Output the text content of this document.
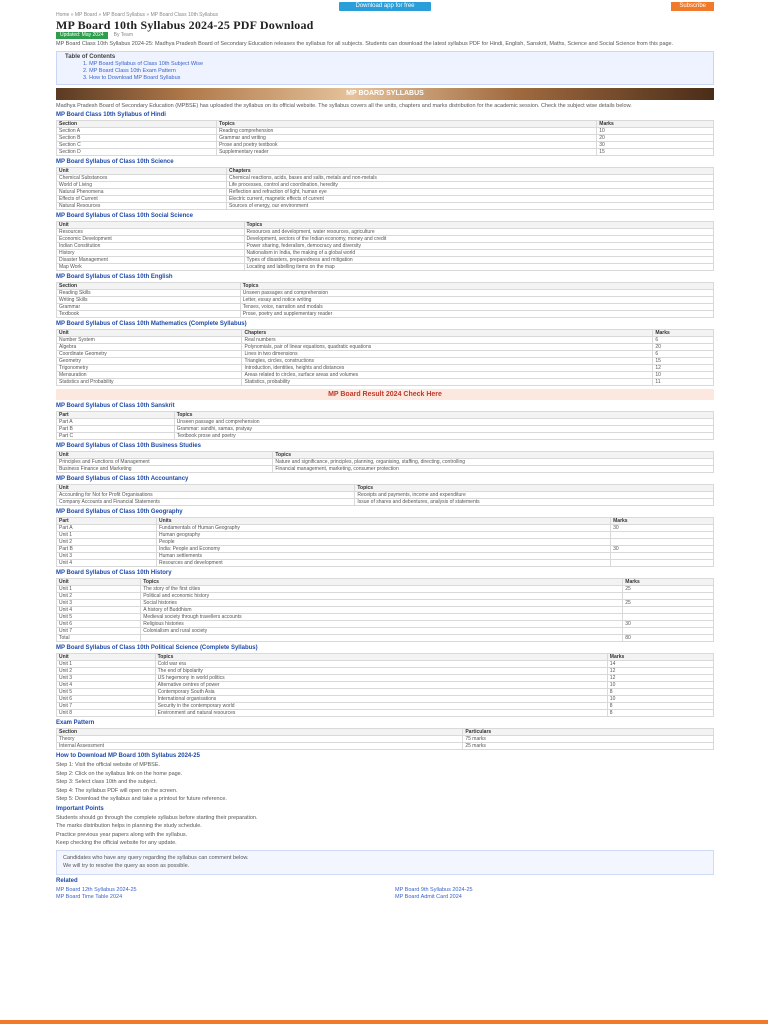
Download app for free	Subscribe
Home » MP Board » MP Board Syllabus » MP Board Class 10th Syllabus
MP Board 10th Syllabus 2024-25 PDF Download
Updated: May 2024	By Team

MP Board Class 10th Syllabus 2024-25: Madhya Pradesh Board of Secondary Education releases the syllabus for all subjects. Students can download the latest syllabus PDF for Hindi, English, Sanskrit, Maths, Science and Social Science from this page.

Table of Contents
1. MP Board Syllabus of Class 10th Subject Wise
2. MP Board Class 10th Exam Pattern
3. How to Download MP Board Syllabus
MP BOARD SYLLABUS

Madhya Pradesh Board of Secondary Education (MPBSE) has uploaded the syllabus on its official website. The syllabus covers all the units, chapters and marks distribution for the academic session. Check the subject wise details below.

MP Board Class 10th Syllabus of Hindi
Section	Topics	Marks
Section A	Reading comprehension	10
Section B	Grammar and writing	20
Section C	Prose and poetry textbook	30
Section D	Supplementary reader	15
MP Board Syllabus of Class 10th Science
Unit	Chapters
Chemical Substances	Chemical reactions, acids, bases and salts, metals and non-metals
World of Living	Life processes, control and coordination, heredity
Natural Phenomena	Reflection and refraction of light, human eye
Effects of Current	Electric current, magnetic effects of current
Natural Resources	Sources of energy, our environment
MP Board Syllabus of Class 10th Social Science
Unit	Topics
Resources	Resources and development, water resources, agriculture
Economic Development	Development, sectors of the Indian economy, money and credit
Indian Constitution	Power sharing, federalism, democracy and diversity
History	Nationalism in India, the making of a global world
Disaster Management	Types of disasters, preparedness and mitigation
Map Work	Locating and labelling items on the map
MP Board Syllabus of Class 10th English
Section	Topics
Reading Skills	Unseen passages and comprehension
Writing Skills	Letter, essay and notice writing
Grammar	Tenses, voice, narration and modals
Textbook	Prose, poetry and supplementary reader
MP Board Syllabus of Class 10th Mathematics (Complete Syllabus)
Unit	Chapters	Marks
Number System	Real numbers	6
Algebra	Polynomials, pair of linear equations, quadratic equations	20
Coordinate Geometry	Lines in two dimensions	6
Geometry	Triangles, circles, constructions	15
Trigonometry	Introduction, identities, heights and distances	12
Mensuration	Areas related to circles, surface areas and volumes	10
Statistics and Probability	Statistics, probability	11
MP Board Result 2024 Check Here
MP Board Syllabus of Class 10th Sanskrit
Part	Topics
Part A	Unseen passage and comprehension
Part B	Grammar: sandhi, samas, pratyay
Part C	Textbook prose and poetry
MP Board Syllabus of Class 10th Business Studies
Unit	Topics
Principles and Functions of Management	Nature and significance, principles, planning, organising, staffing, directing, controlling
Business Finance and Marketing	Financial management, marketing, consumer protection
MP Board Syllabus of Class 10th Accountancy
Unit	Topics
Accounting for Not for Profit Organisations	Receipts and payments, income and expenditure
Company Accounts and Financial Statements	Issue of shares and debentures, analysis of statements
MP Board Syllabus of Class 10th Geography
Part	Units	Marks
Part A	Fundamentals of Human Geography	30
Unit 1	Human geography	
Unit 2	People	
Part B	India: People and Economy	30
Unit 3	Human settlements	
Unit 4	Resources and development	
MP Board Syllabus of Class 10th History
Unit	Topics	Marks
Unit 1	The story of the first cities	25
Unit 2	Political and economic history	
Unit 3	Social histories	25
Unit 4	A history of Buddhism	
Unit 5	Medieval society through travellers accounts	
Unit 6	Religious histories	30
Unit 7	Colonialism and rural society	
Total		80
MP Board Syllabus of Class 10th Political Science (Complete Syllabus)
Unit	Topics	Marks
Unit 1	Cold war era	14
Unit 2	The end of bipolarity	12
Unit 3	US hegemony in world politics	12
Unit 4	Alternative centres of power	10
Unit 5	Contemporary South Asia	8
Unit 6	International organisations	10
Unit 7	Security in the contemporary world	8
Unit 8	Environment and natural resources	8
Exam Pattern
Section	Particulars
Theory	75 marks
Internal Assessment	25 marks
How to Download MP Board 10th Syllabus 2024-25

Step 1: Visit the official website of MPBSE.

Step 2: Click on the syllabus link on the home page.

Step 3: Select class 10th and the subject.

Step 4: The syllabus PDF will open on the screen.

Step 5: Download the syllabus and take a printout for future reference.

Important Points

Students should go through the complete syllabus before starting their preparation.

The marks distribution helps in planning the study schedule.

Practice previous year papers along with the syllabus.

Keep checking the official website for any update.

Candidates who have any query regarding the syllabus can comment below.

We will try to resolve the query as soon as possible.

Related
MP Board 12th Syllabus 2024-25	MP Board 9th Syllabus 2024-25
MP Board Time Table 2024	MP Board Admit Card 2024
